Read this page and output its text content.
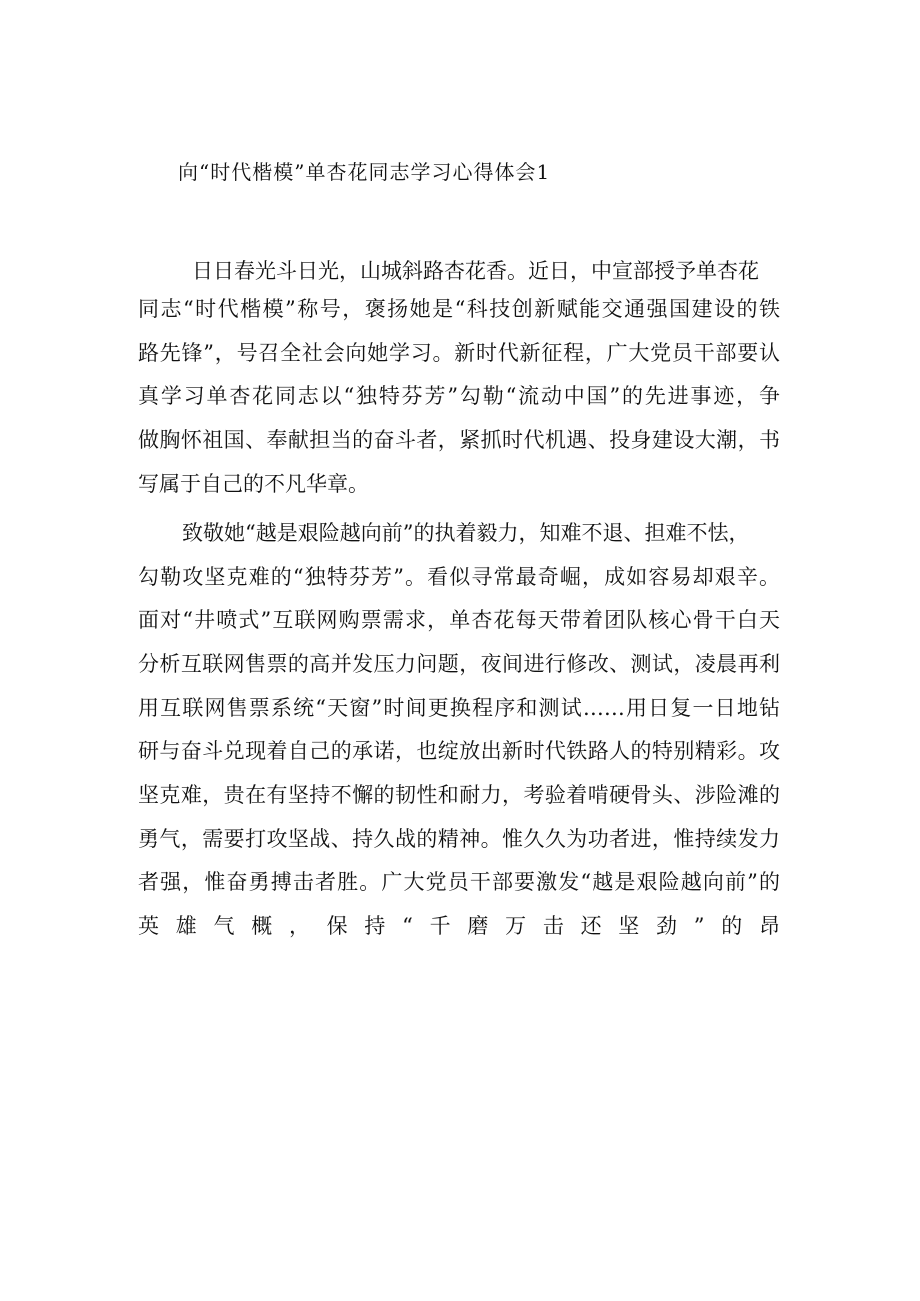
向“时代楷模”单杏花同志学习心得体会1
日日春光斗日光，山城斜路杏花香。近日，中宣部授予单杏花
同志“时代楷模”称号，褒扬她是“科技创新赋能交通强国建设的铁
路先锋”，号召全社会向她学习。新时代新征程，广大党员干部要认
真学习单杏花同志以“独特芬芳”勾勒“流动中国”的先进事迹，争
做胸怀祖国、奉献担当的奋斗者，紧抓时代机遇、投身建设大潮，书
写属于自己的不凡华章。
致敬她“越是艰险越向前”的执着毅力，知难不退、担难不怯，
勾勒攻坚克难的“独特芬芳”。看似寻常最奇崛，成如容易却艰辛。
面对“井喷式”互联网购票需求，单杏花每天带着团队核心骨干白天
分析互联网售票的高并发压力问题，夜间进行修改、测试，凌晨再利
用互联网售票系统“天窗”时间更换程序和测试……用日复一日地钻
研与奋斗兑现着自己的承诺，也绽放出新时代铁路人的特别精彩。攻
坚克难，贵在有坚持不懈的韧性和耐力，考验着啃硬骨头、涉险滩的
勇气，需要打攻坚战、持久战的精神。惟久久为功者进，惟持续发力
者强，惟奋勇搏击者胜。广大党员干部要激发“越是艰险越向前”的
英雄气概，保持“千磨万击还坚劲”的昂
